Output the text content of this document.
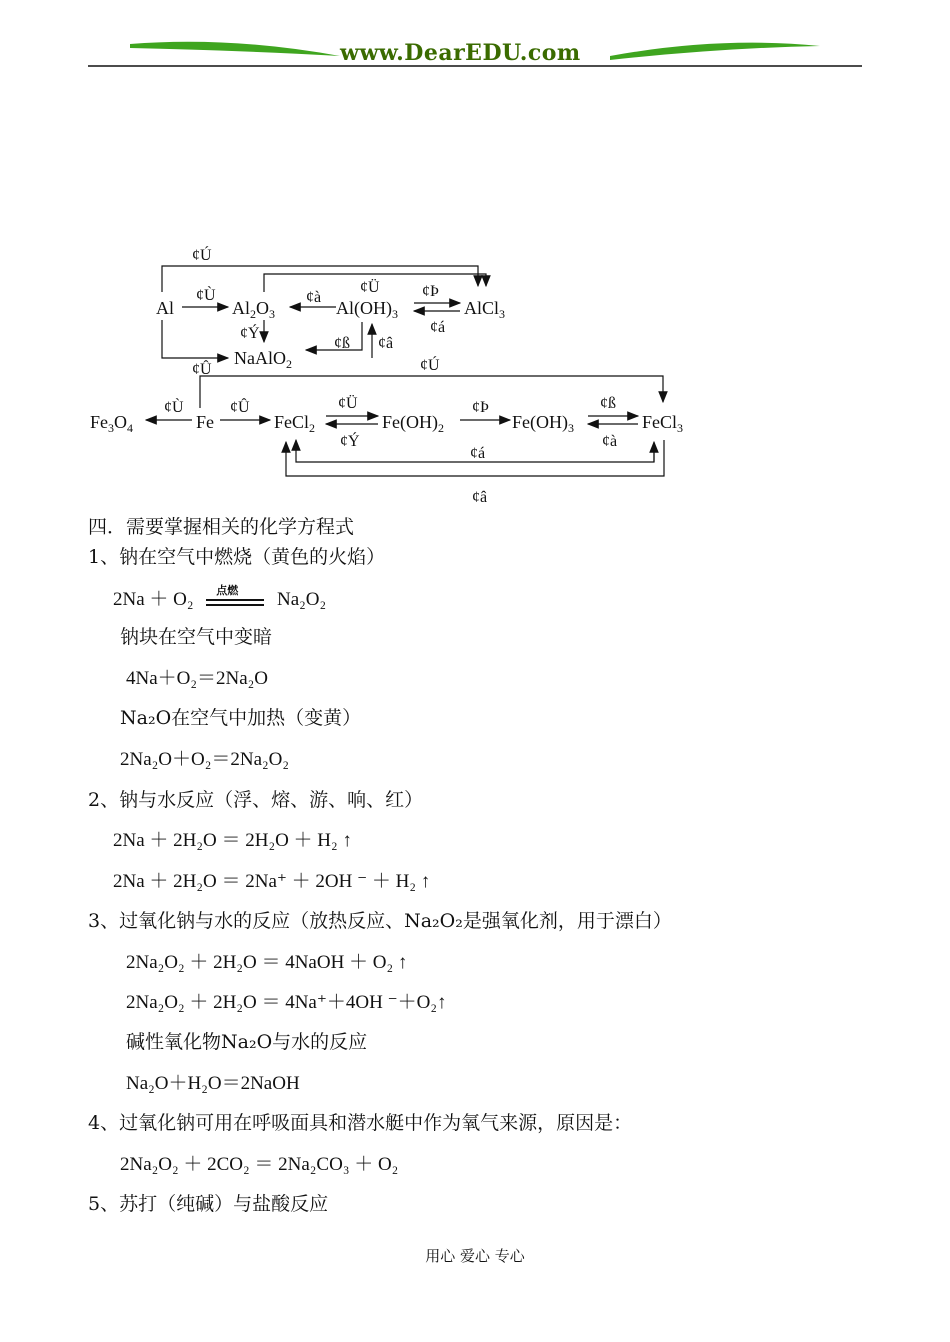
www.DearEDU.com
¢Ú
Al
¢Ù
$Al_2O_3$
¢Ý
¢à
$Al(OH)_3$
¢Ü	¢Þ
¢á
AlCl$_3$
¢ß ¢â
NaAlO$_2$
¢Û	¢Ú
$Fe_3O_4$
¢Ù
Fe
¢Û
FeCl$_2$
¢Ü
¢Ý
$Fe(OH)_2$
¢Þ
$Fe(OH)_3$
¢ß
¢à
FeCl$_3$
¢á
¢â
四．需要掌握相关的化学方程式
1、钠在空气中燃烧（黄色的火焰）
2Na ＋ O₂ 点燃 Na₂O₂
钠块在空气中变暗
4Na＋O₂＝2Na₂O
Na₂O在空气中加热（变黄）
2Na₂O＋O₂＝2Na₂O₂
2、钠与水反应（浮、熔、游、响、红）
2Na ＋ 2H₂O ＝ 2H₂O ＋ H₂ ↑
2Na ＋ 2H₂O ＝ 2Na⁺ ＋ 2OH ⁻ ＋ H₂ ↑
3、过氧化钠与水的反应（放热反应、Na₂O₂是强氧化剂，用于漂白）
2Na₂O₂ ＋ 2H₂O ＝ 4NaOH ＋ O₂ ↑
2Na₂O₂ ＋ 2H₂O ＝ 4Na⁺＋4OH ⁻＋O₂↑
碱性氧化物Na₂O与水的反应
Na₂O＋H₂O＝2NaOH
4、过氧化钠可用在呼吸面具和潜水艇中作为氧气来源，原因是：
2Na₂O₂ ＋ 2CO₂ ＝ 2Na₂CO₃ ＋ O₂
5、苏打（纯碱）与盐酸反应
用心 爱心 专心
